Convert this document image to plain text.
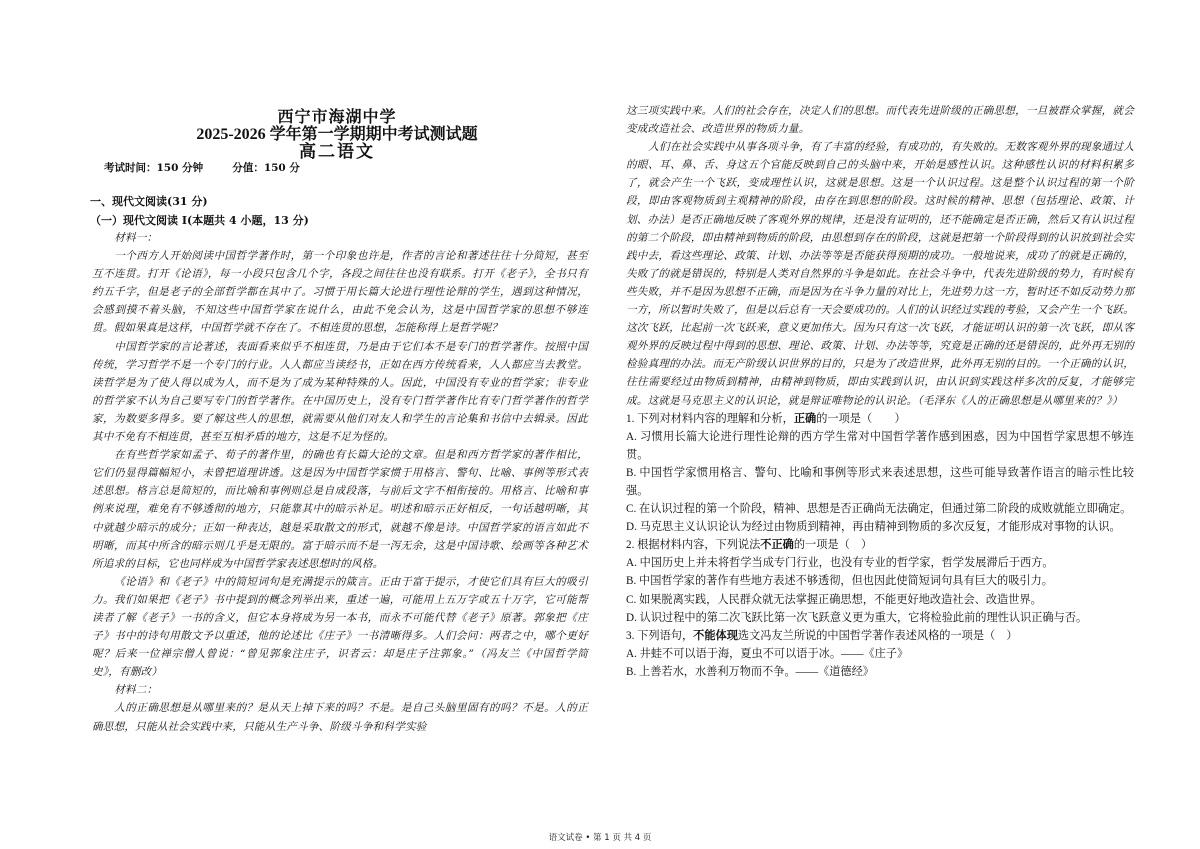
西宁市海湖中学
2025-2026 学年第一学期期中考试测试题
高二语文
考试时间：150 分钟        分值：150 分
一、现代文阅读(31 分)
（一）现代文阅读 I(本题共 4 小题，13 分)

材料一：

一个西方人开始阅读中国哲学著作时，第一个印象也许是，作者的言论和著述往往十分简短，甚至互不连贯。打开《论语》，每一小段只包含几个字，各段之间往往也没有联系。打开《老子》，全书只有约五千字，但是老子的全部哲学都在其中了。习惯于用长篇大论进行理性论辩的学生，遇到这种情况，会感到摸不着头脑，不知这些中国哲学家在说什么，由此不免会认为，这是中国哲学家的思想不够连贯。假如果真是这样，中国哲学就不存在了。不相连贯的思想，怎能称得上是哲学呢？

中国哲学家的言论著述，表面看来似乎不相连贯，乃是由于它们本不是专门的哲学著作。按照中国传统，学习哲学不是一个专门的行业。人人都应当读经书，正如在西方传统看来，人人都应当去教堂。读哲学是为了使人得以成为人，而不是为了成为某种特殊的人。因此，中国没有专业的哲学家；非专业的哲学家不认为自己要写专门的哲学著作。在中国历史上，没有专门哲学著作比有专门哲学著作的哲学家，为数要多得多。要了解这些人的思想，就需要从他们对友人和学生的言论集和书信中去辑录。因此其中不免有不相连贯，甚至互相矛盾的地方，这是不足为怪的。

在有些哲学家如孟子、荀子的著作里，的确也有长篇大论的文章。但是和西方哲学家的著作相比，它们仍显得篇幅短小，未曾把道理讲透。这是因为中国哲学家惯于用格言、警句、比喻、事例等形式表述思想。格言总是简短的，而比喻和事例则总是自成段落，与前后文字不相衔接的。用格言、比喻和事例来说理，难免有不够透彻的地方，只能靠其中的暗示补足。明述和暗示正好相反，一句话越明晰，其中就越少暗示的成分；正如一种表达，越是采取散文的形式，就越不像是诗。中国哲学家的语言如此不明晰，而其中所含的暗示则几乎是无限的。富于暗示而不是一泻无余，这是中国诗歌、绘画等各种艺术所追求的目标，它也同样成为中国哲学家表述思想时的风格。

《论语》和《老子》中的简短词句是充满提示的箴言。正由于富于提示，才使它们具有巨大的吸引力。我们如果把《老子》书中提到的概念列举出来，重述一遍，可能用上五万字或五十万字，它可能帮读者了解《老子》一书的含义，但它本身将成为另一本书，而永不可能代替《老子》原著。郭象把《庄子》书中的诗句用散文予以重述，他的论述比《庄子》一书清晰得多。人们会问：两者之中，哪个更好呢？后来一位禅宗僧人曾说：“曾见郭象注庄子，识者云：却是庄子注郭象。”（冯友兰《中国哲学简史》，有删改）

材料二：

人的正确思想是从哪里来的？是从天上掉下来的吗？不是。是自己头脑里固有的吗？不是。人的正确思想，只能从社会实践中来，只能从生产斗争、阶级斗争和科学实验

这三项实践中来。人们的社会存在，决定人们的思想。而代表先进阶级的正确思想，一旦被群众掌握，就会变成改造社会、改造世界的物质力量。

人们在社会实践中从事各项斗争，有了丰富的经验，有成功的，有失败的。无数客观外界的现象通过人的眼、耳、鼻、舌、身这五个官能反映到自己的头脑中来，开始是感性认识。这种感性认识的材料积累多了，就会产生一个飞跃，变成理性认识，这就是思想。这是一个认识过程。这是整个认识过程的第一个阶段，即由客观物质到主观精神的阶段，由存在到思想的阶段。这时候的精神、思想（包括理论、政策、计划、办法）是否正确地反映了客观外界的规律，还是没有证明的，还不能确定是否正确，然后又有认识过程的第二个阶段，即由精神到物质的阶段，由思想到存在的阶段，这就是把第一个阶段得到的认识放到社会实践中去，看这些理论、政策、计划、办法等等是否能获得预期的成功。一般地说来，成功了的就是正确的，失败了的就是错误的，特别是人类对自然界的斗争是如此。在社会斗争中，代表先进阶级的势力，有时候有些失败，并不是因为思想不正确，而是因为在斗争力量的对比上，先进势力这一方，暂时还不如反动势力那一方，所以暂时失败了，但是以后总有一天会要成功的。人们的认识经过实践的考验，又会产生一个飞跃。这次飞跃，比起前一次飞跃来，意义更加伟大。因为只有这一次飞跃，才能证明认识的第一次飞跃，即从客观外界的反映过程中得到的思想、理论、政策、计划、办法等等，究竟是正确的还是错误的，此外再无别的检验真理的办法。而无产阶级认识世界的目的，只是为了改造世界，此外再无别的目的。一个正确的认识，往往需要经过由物质到精神，由精神到物质，即由实践到认识，由认识到实践这样多次的反复，才能够完成。这就是马克思主义的认识论，就是辩证唯物论的认识论。（毛泽东《人的正确思想是从哪里来的？》）

1. 下列对材料内容的理解和分析，正确的一项是（　　）

A. 习惯用长篇大论进行理性论辩的西方学生常对中国哲学著作感到困惑，因为中国哲学家思想不够连贯。

B. 中国哲学家惯用格言、警句、比喻和事例等形式来表述思想，这些可能导致著作语言的暗示性比较强。

C. 在认识过程的第一个阶段，精神、思想是否正确尚无法确定，但通过第二阶段的成败就能立即确定。

D. 马克思主义认识论认为经过由物质到精神，再由精神到物质的多次反复，才能形成对事物的认识。

2. 根据材料内容，下列说法不正确的一项是（　）

A. 中国历史上并未将哲学当成专门行业，也没有专业的哲学家，哲学发展滞后于西方。

B. 中国哲学家的著作有些地方表述不够透彻，但也因此使简短词句具有巨大的吸引力。

C. 如果脱离实践，人民群众就无法掌握正确思想，不能更好地改造社会、改造世界。

D. 认识过程中的第二次飞跃比第一次飞跃意义更为重大，它将检验此前的理性认识正确与否。

3. 下列语句，不能体现选文冯友兰所说的中国哲学著作表述风格的一项是（　）

A. 井蛙不可以语于海，夏虫不可以语于冰。——《庄子》

B. 上善若水，水善利万物而不争。——《道德经》

语文试卷 • 第 1 页 共 4 页
